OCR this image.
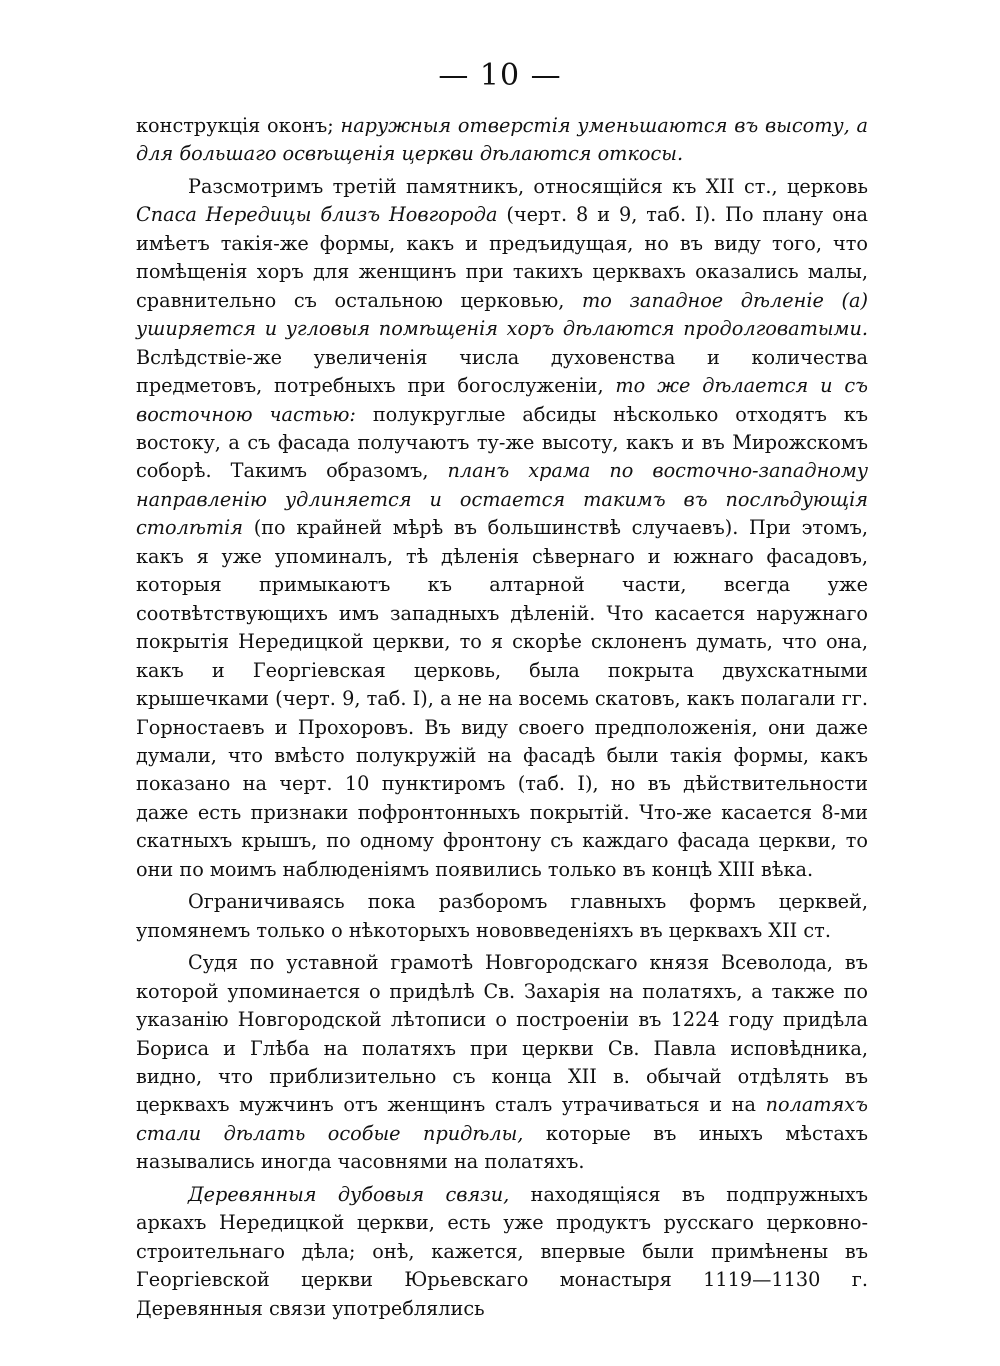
— 10 —

конструкція оконъ; наружныя отверстія уменьшаются въ высоту, а для большаго освѣщенія церкви дѣлаются откосы.

Разсмотримъ третій памятникъ, относящійся къ XII ст., церковь Спаса Нередицы близъ Новгорода (черт. 8 и 9, таб. I). По плану она имѣетъ такія-же формы, какъ и предъидущая, но въ виду того, что помѣщенія хоръ для женщинъ при такихъ церквахъ оказались малы, сравнительно съ остальною церковью, то западное дѣленіе (а) уширяется и угловыя помѣщенія хоръ дѣлаются продолговатыми. Вслѣдствіе-же увеличенія числа духовенства и количества предметовъ, потребныхъ при богослуженіи, то же дѣлается и съ восточною частью: полукруглые абсиды нѣсколько отходятъ къ востоку, а съ фасада получаютъ ту-же высоту, какъ и въ Мирожскомъ соборѣ. Такимъ образомъ, планъ храма по восточно-западному направленію удлиняется и остается такимъ въ послѣдующія столѣтія (по крайней мѣрѣ въ большинствѣ случаевъ). При этомъ, какъ я уже упоминалъ, тѣ дѣленія сѣвернаго и южнаго фасадовъ, которыя примыкаютъ къ алтарной части, всегда уже соотвѣтствующихъ имъ западныхъ дѣленій. Что касается наружнаго покрытія Нередицкой церкви, то я скорѣе склоненъ думать, что она, какъ и Георгіевская церковь, была покрыта двухскатными крышечками (черт. 9, таб. I), а не на восемь скатовъ, какъ полагали гг. Горностаевъ и Прохоровъ. Въ виду своего предположенія, они даже думали, что вмѣсто полукружій на фасадѣ были такія формы, какъ показано на черт. 10 пунктиромъ (таб. I), но въ дѣйствительности даже есть признаки пофронтонныхъ покрытій. Что-же касается 8-ми скатныхъ крышъ, по одному фронтону съ каждаго фасада церкви, то они по моимъ наблюденіямъ появились только въ концѣ XIII вѣка.

Ограничиваясь пока разборомъ главныхъ формъ церквей, упомянемъ только о нѣкоторыхъ нововведеніяхъ въ церквахъ XII ст.

Судя по уставной грамотѣ Новгородскаго князя Всеволода, въ которой упоминается о придѣлѣ Св. Захарія на полатяхъ, а также по указанію Новгородской лѣтописи о построеніи въ 1224 году придѣла Бориса и Глѣба на полатяхъ при церкви Св. Павла исповѣдника, видно, что приблизительно съ конца XII в. обычай отдѣлять въ церквахъ мужчинъ отъ женщинъ сталъ утрачиваться и на полатяхъ стали дѣлать особые придѣлы, которые въ иныхъ мѣстахъ назывались иногда часовнями на полатяхъ.

Деревянныя дубовыя связи, находящіяся въ подпружныхъ аркахъ Нередицкой церкви, есть уже продуктъ русскаго церковно-строительнаго дѣла; онѣ, кажется, впервые были примѣнены въ Георгіевской церкви Юрьевскаго монастыря 1119—1130 г. Деревянныя связи употреблялись
